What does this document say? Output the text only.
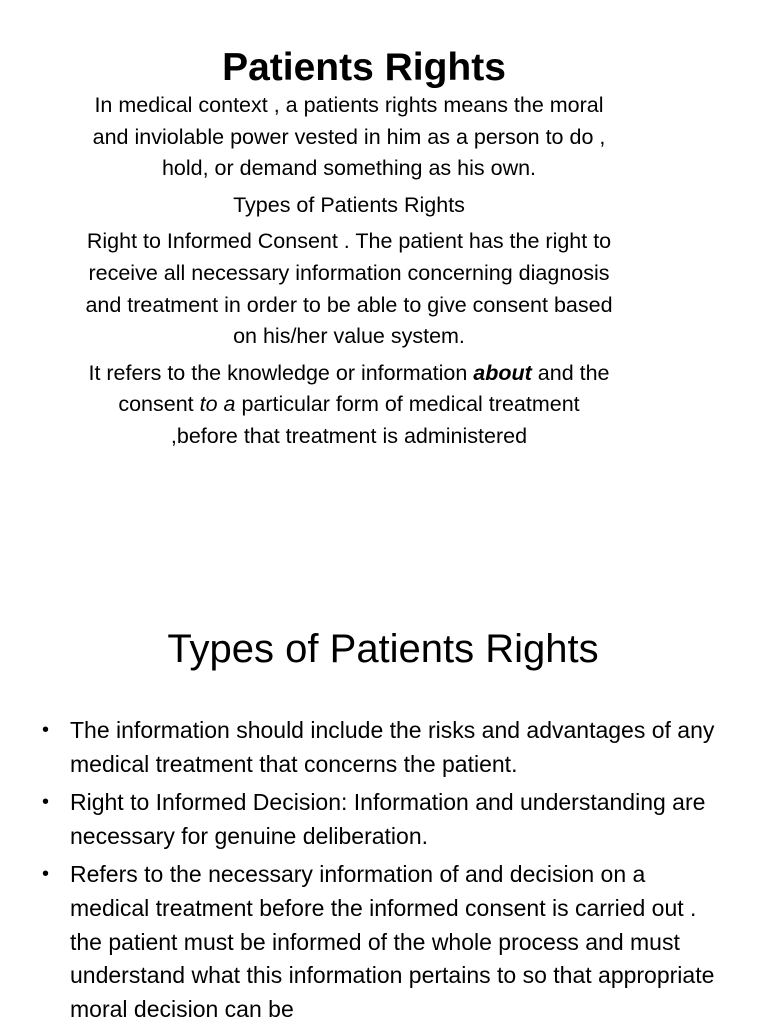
Patients Rights

In medical context , a patients rights means the moral and inviolable power vested in him as a person to do , hold, or demand something as his own.

Types of Patients Rights

Right to Informed Consent . The patient has the right to receive all necessary information concerning diagnosis and treatment in order to be able to give consent based on his/her value system.

It refers to the knowledge or information about and the consent to a particular form of medical treatment ,before that treatment is administered

Types of Patients Rights
• The information should include the risks and advantages of any medical treatment that concerns the patient.
• Right to Informed Decision: Information and understanding are necessary for genuine deliberation.
• Refers to the necessary information of and decision on a medical treatment before the informed consent is carried out . the patient must be informed of the whole process and must understand what this information pertains to so that appropriate moral decision can be
